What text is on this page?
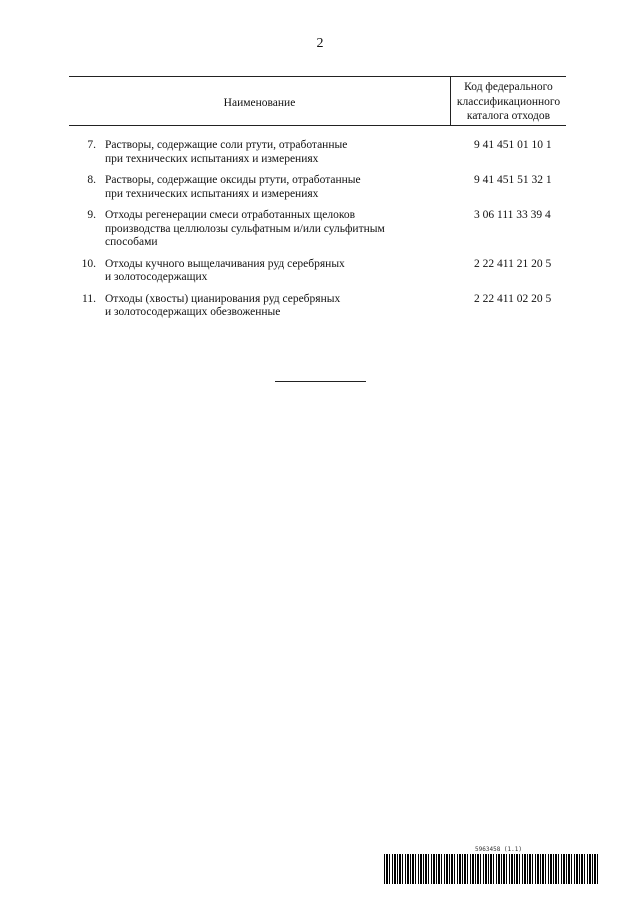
2
Наименование
Код федерального
классификационного
каталога отходов
7. Растворы, содержащие соли ртути, отработанные
при технических испытаниях и измерениях
9 41 451 01 10 1
8. Растворы, содержащие оксиды ртути, отработанные
при технических испытаниях и измерениях
9 41 451 51 32 1
9. Отходы регенерации смеси отработанных щелоков
производства целлюлозы сульфатным и/или сульфитным
способами
3 06 111 33 39 4
10. Отходы кучного выщелачивания руд серебряных
и золотосодержащих
2 22 411 21 20 5
11. Отходы (хвосты) цианирования руд серебряных
и золотосодержащих обезвоженные
2 22 411 02 20 5
5963458 (1.1)
